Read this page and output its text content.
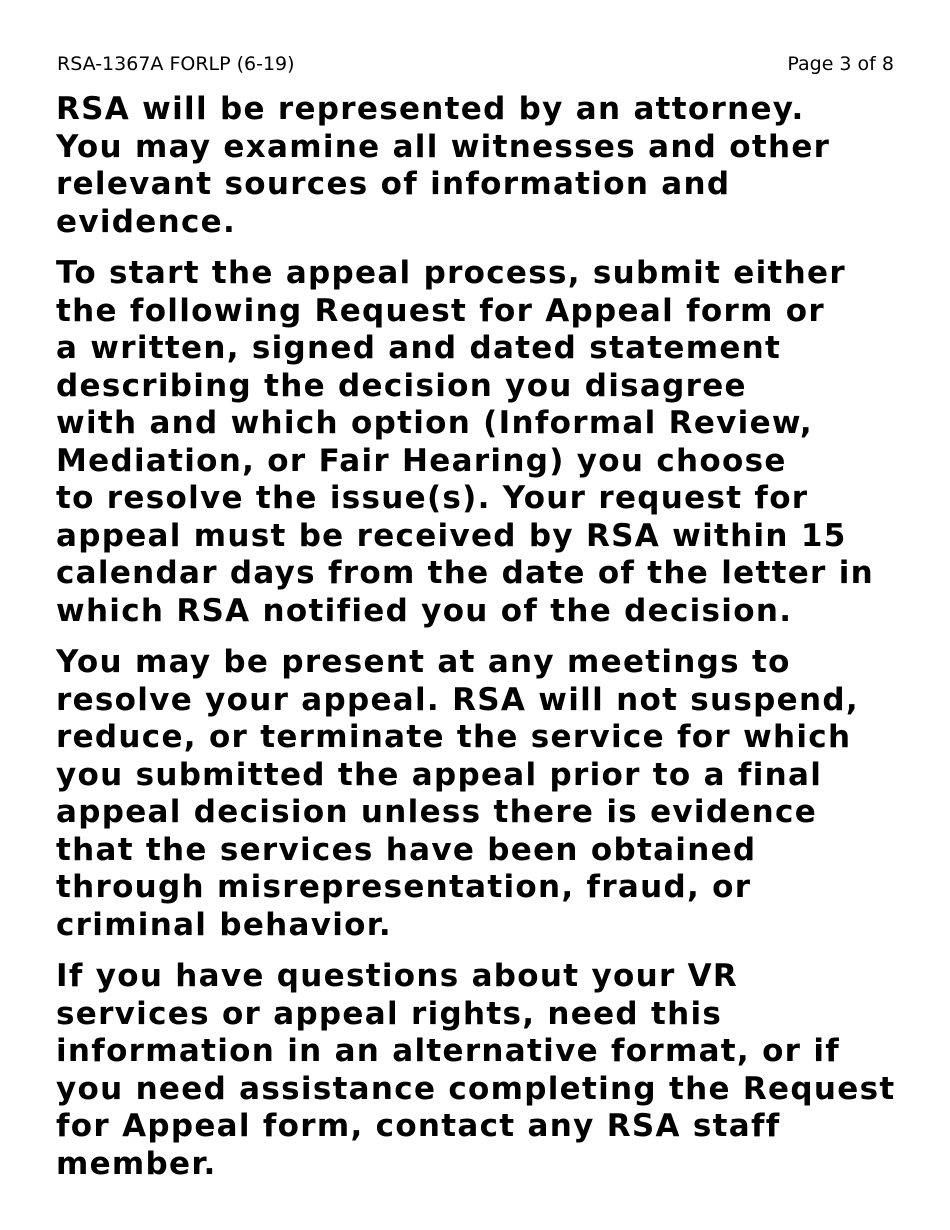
RSA-1367A FORLP (6-19)	Page 3 of 8

RSA will be represented by an attorney.
You may examine all witnesses and other
relevant sources of information and
evidence.

To start the appeal process, submit either
the following Request for Appeal form or
a written, signed and dated statement
describing the decision you disagree
with and which option (Informal Review,
Mediation, or Fair Hearing) you choose
to resolve the issue(s). Your request for
appeal must be received by RSA within 15
calendar days from the date of the letter in
which RSA notified you of the decision.

You may be present at any meetings to
resolve your appeal. RSA will not suspend,
reduce, or terminate the service for which
you submitted the appeal prior to a final
appeal decision unless there is evidence
that the services have been obtained
through misrepresentation, fraud, or
criminal behavior.

If you have questions about your VR
services or appeal rights, need this
information in an alternative format, or if
you need assistance completing the Request
for Appeal form, contact any RSA staff
member.
